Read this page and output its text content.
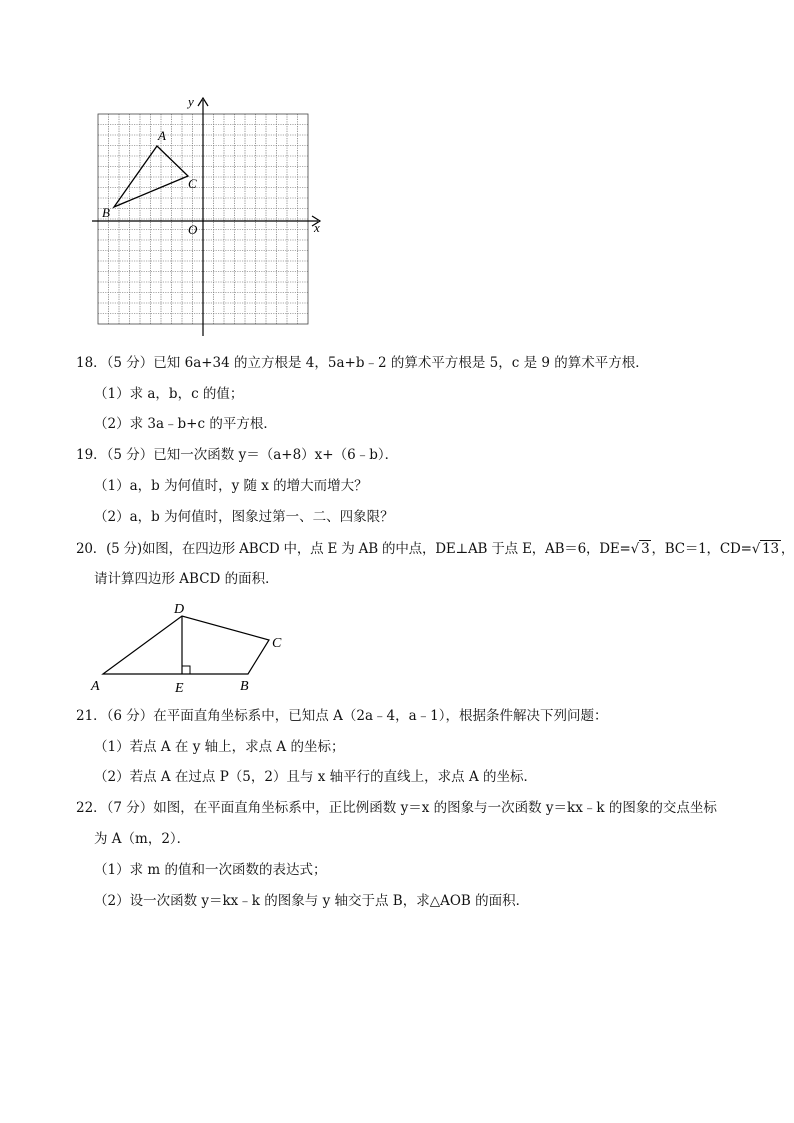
y
x
O
A
B
C
18．（5 分）已知 6a+34 的立方根是 4，5a+b﹣2 的算术平方根是 5，c 是 9 的算术平方根．
（1）求 a，b，c 的值；
（2）求 3a﹣b+c 的平方根．
19．（5 分）已知一次函数 y＝（a+8）x+（6﹣b）．
（1）a，b 为何值时，y 随 x 的增大而增大？
（2）a，b 为何值时，图象过第一、二、四象限？
20．(5 分)如图，在四边形 ABCD 中，点 E 为 AB 的中点，DE⊥AB 于点 E，AB＝6，DE=√ 3 ，BC＝1，CD=√ 13 ，
请计算四边形 ABCD 的面积．
A	E	B
C
D
21．（6 分）在平面直角坐标系中，已知点 A（2a﹣4，a﹣1），根据条件解决下列问题：
（1）若点 A 在 y 轴上，求点 A 的坐标；
（2）若点 A 在过点 P（5，2）且与 x 轴平行的直线上，求点 A 的坐标．
22．（7 分）如图，在平面直角坐标系中，正比例函数 y＝x 的图象与一次函数 y＝kx﹣k 的图象的交点坐标
为 A（m，2）．
（1）求 m 的值和一次函数的表达式；
（2）设一次函数 y＝kx﹣k 的图象与 y 轴交于点 B，求△AOB 的面积．
